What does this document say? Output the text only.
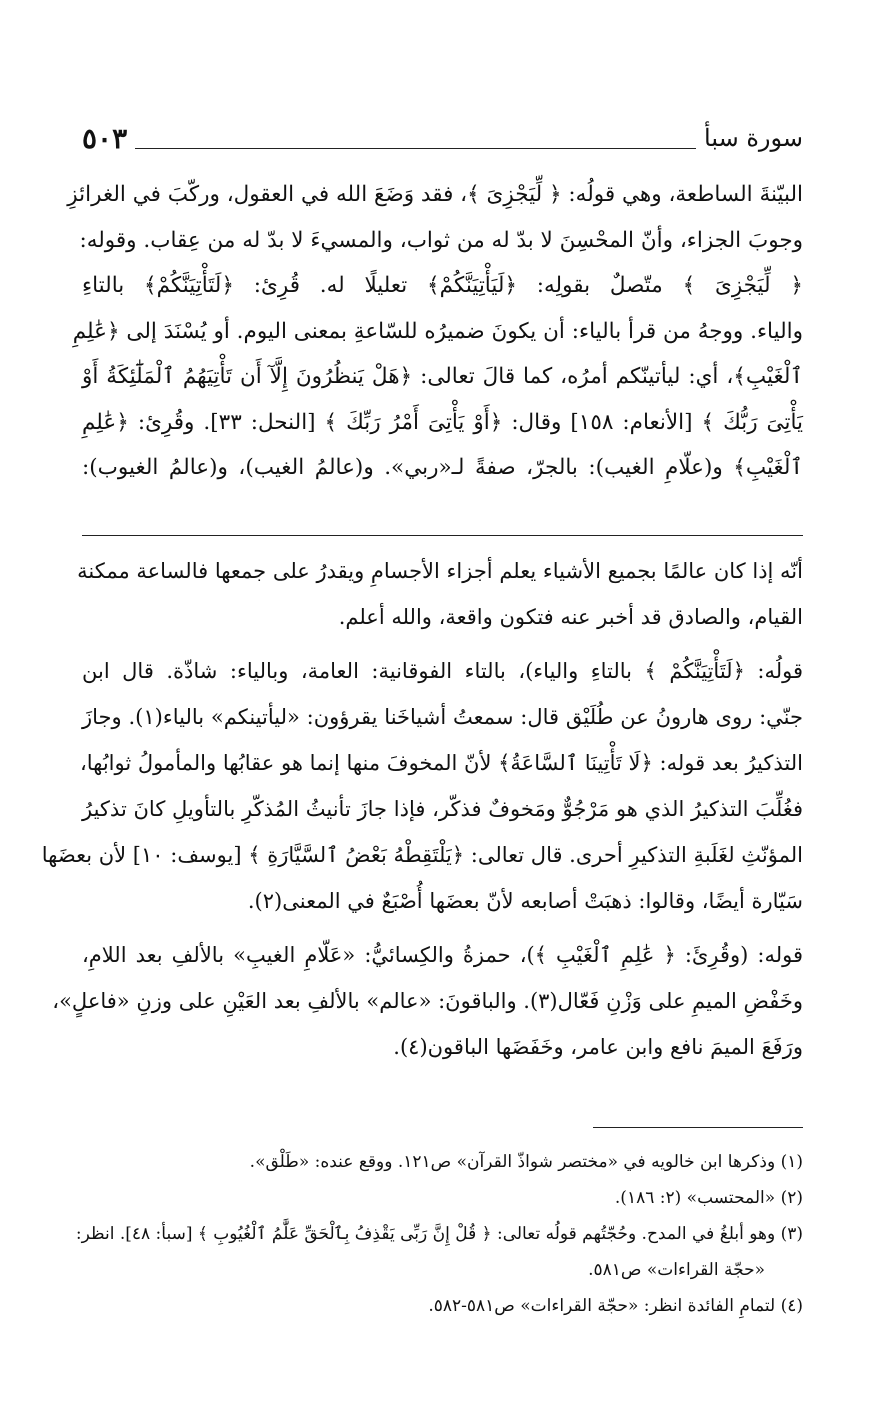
سورة سبأ
٥٠٣
البيّنةَ الساطعة، وهي قولُه: ﴿ لِّيَجْزِىَ ﴾، فقد وَضَعَ الله في العقول، وركّبَ في الغرائزِ
وجوبَ الجزاء، وأنّ المحْسِنَ لا بدّ له من ثواب، والمسيءَ لا بدّ له من عِقاب. وقوله:
﴿ لِّيَجْزِىَ ﴾ متّصلٌ بقولِه: ﴿لَيَأْتِيَنَّكُمْ﴾ تعليلًا له. قُرِئ: ﴿لَتَأْتِيَنَّكُمْ﴾ بالتاءِ
والياء. ووجهُ من قرأ بالياء: أن يكونَ ضميرُه للسّاعةِ بمعنى اليوم. أو يُسْنَدَ إلى ﴿عَٰلِمِ
ٱلْغَيْبِ﴾، أي: ليأتينّكم أمرُه، كما قالَ تعالى: ﴿هَلْ يَنظُرُونَ إِلَّآ أَن تَأْتِيَهُمُ ٱلْمَلَٰٓئِكَةُ أَوْ
يَأْتِىَ رَبُّكَ ﴾ [الأنعام: ١٥٨] وقال: ﴿أَوْ يَأْتِىَ أَمْرُ رَبِّكَ ﴾ [النحل: ٣٣]. وقُرِئ: ﴿عَٰلِمِ
ٱلْغَيْبِ﴾ و(علّامِ الغيب): بالجرّ، صفةً لـ«ربي». و(عالمُ الغيب)، و(عالمُ الغيوب):

أنّه إذا كان عالمًا بجميع الأشياء يعلم أجزاء الأجسامِ ويقدرُ على جمعها فالساعة ممكنة
القيام، والصادق قد أخبر عنه فتكون واقعة، والله أعلم.

قولُه: ﴿لَتَأْتِيَنَّكُمْ ﴾ بالتاءِ والياء)، بالتاء الفوقانية: العامة، وبالياء: شاذّة. قال ابن
جنّي: روى هارونُ عن طُلَيْق قال: سمعتُ أشياخَنا يقرؤون: «ليأتينكم» بالياء(١). وجازَ
التذكيرُ بعد قوله: ﴿لَا تَأْتِينَا ٱلسَّاعَةُ﴾ لأنّ المخوفَ منها إنما هو عقابُها والمأمولُ ثوابُها،
فغُلِّبَ التذكيرُ الذي هو مَرْجُوٌّ ومَخوفٌ فذكّر، فإذا جازَ تأنيثُ المُذكّرِ بالتأويلِ كانَ تذكيرُ
المؤنّثِ لغَلَبةِ التذكيرِ أحرى. قال تعالى: ﴿يَلْتَقِطْهُ بَعْضُ ٱلسَّيَّارَةِ ﴾ [يوسف: ١٠] لأن بعضَها
سَيّارة أيضًا، وقالوا: ذهبَتْ أصابعه لأنّ بعضَها أُصْبَعٌ في المعنى(٢).

قوله: (وقُرِئَ: ﴿ عَٰلِمِ ٱلْغَيْبِ ﴾)، حمزةُ والكِسائيُّ: «عَلّامِ الغيبِ» بالألفِ بعد اللامِ،
وخَفْضِ الميمِ على وَزْنِ فَعّال(٣). والباقونَ: «عالم» بالألفِ بعد العَيْنِ على وزنِ «فاعلٍ»،
ورَفَعَ الميمَ نافع وابن عامر، وخَفَضَها الباقون(٤).

(١) وذكرها ابن خالويه في «مختصر شواذّ القرآن» ص١٢١. ووقع عنده: «طَلْق».
(٢) «المحتسب» (٢: ١٨٦).
(٣) وهو أبلغُ في المدح. وحُجّتُهم قولُه تعالى: ﴿ قُلْ إِنَّ رَبِّى يَقْذِفُ بِٱلْحَقِّ عَلَّٰمُ ٱلْغُيُوبِ ﴾ [سبأ: ٤٨]. انظر:
«حجّة القراءات» ص٥٨١.
(٤) لتمامِ الفائدة انظر: «حجّة القراءات» ص٥٨١-٥٨٢.
